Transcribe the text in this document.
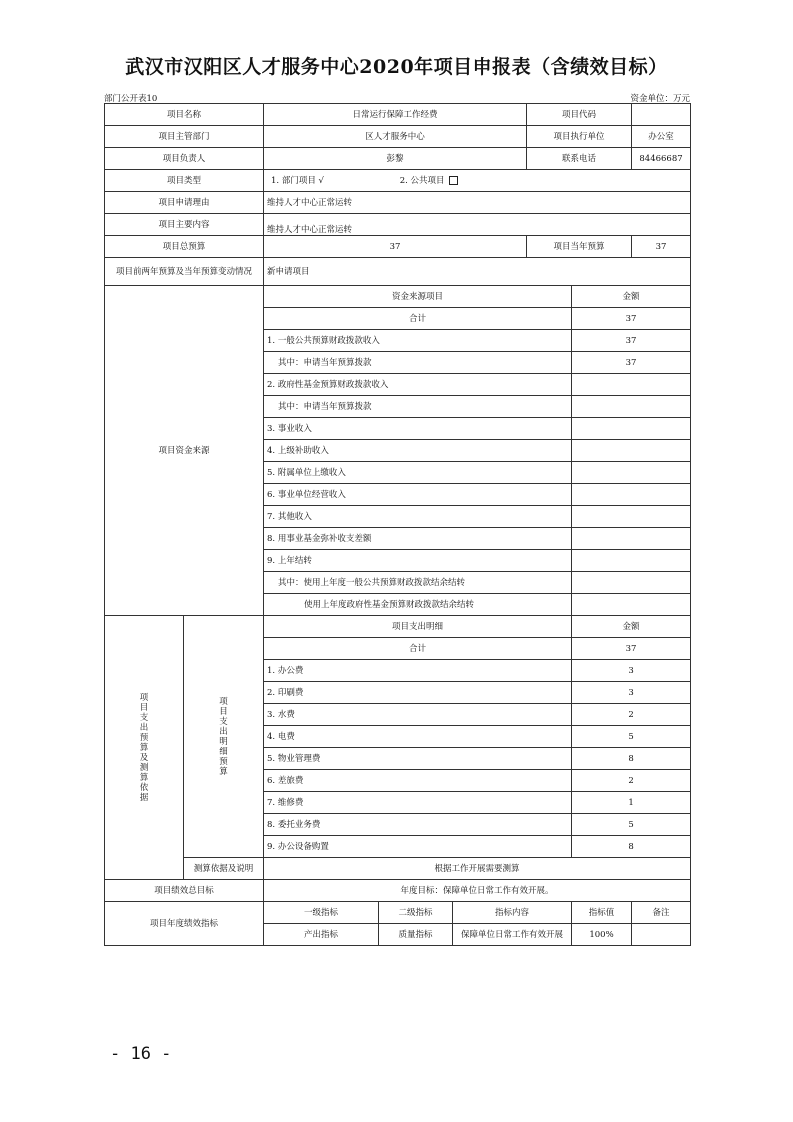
武汉市汉阳区人才服务中心2020年项目申报表（含绩效目标）
部门公开表10	资金单位：万元
项目名称		日常运行保障工作经费			项目代码		
项目主管部门		区人才服务中心			项目执行单位		办公室
项目负责人		彭黎			联系电话		84466687
项目类型		1. 部门项目 √ 2. 公共项目					
项目申请理由		维持人才中心正常运转					
项目主要内容		维持人才中心正常运转					
项目总预算		37			项目当年预算		37
项目前两年预算及当年预算变动情况		新申请项目					
项目资金来源		资金来源项目				金额	
		合计				37	
		1. 一般公共预算财政拨款收入				37	
		其中：申请当年预算拨款				37	
		2. 政府性基金预算财政拨款收入					
		其中：申请当年预算拨款					
		3. 事业收入					
		4. 上级补助收入					
		5. 附属单位上缴收入					
		6. 事业单位经营收入					
		7. 其他收入					
		8. 用事业基金弥补收支差额					
		9. 上年结转					
		其中：使用上年度一般公共预算财政拨款结余结转					
		使用上年度政府性基金预算财政拨款结余结转					
项目支出预算及测算依据	项目支出明细预算	项目支出明细				金额	
		合计				37	
		1. 办公费				3	
		2. 印刷费				3	
		3. 水费				2	
		4. 电费				5	
		5. 物业管理费				8	
		6. 差旅费				2	
		7. 维修费				1	
		8. 委托业务费				5	
		9. 办公设备购置				8	
	测算依据及说明	根据工作开展需要测算					
项目绩效总目标		年度目标：保障单位日常工作有效开展。					
项目年度绩效指标		一级指标	二级指标	指标内容		指标值	备注
		产出指标	质量指标	保障单位日常工作有效开展		100%	
- 16 -
